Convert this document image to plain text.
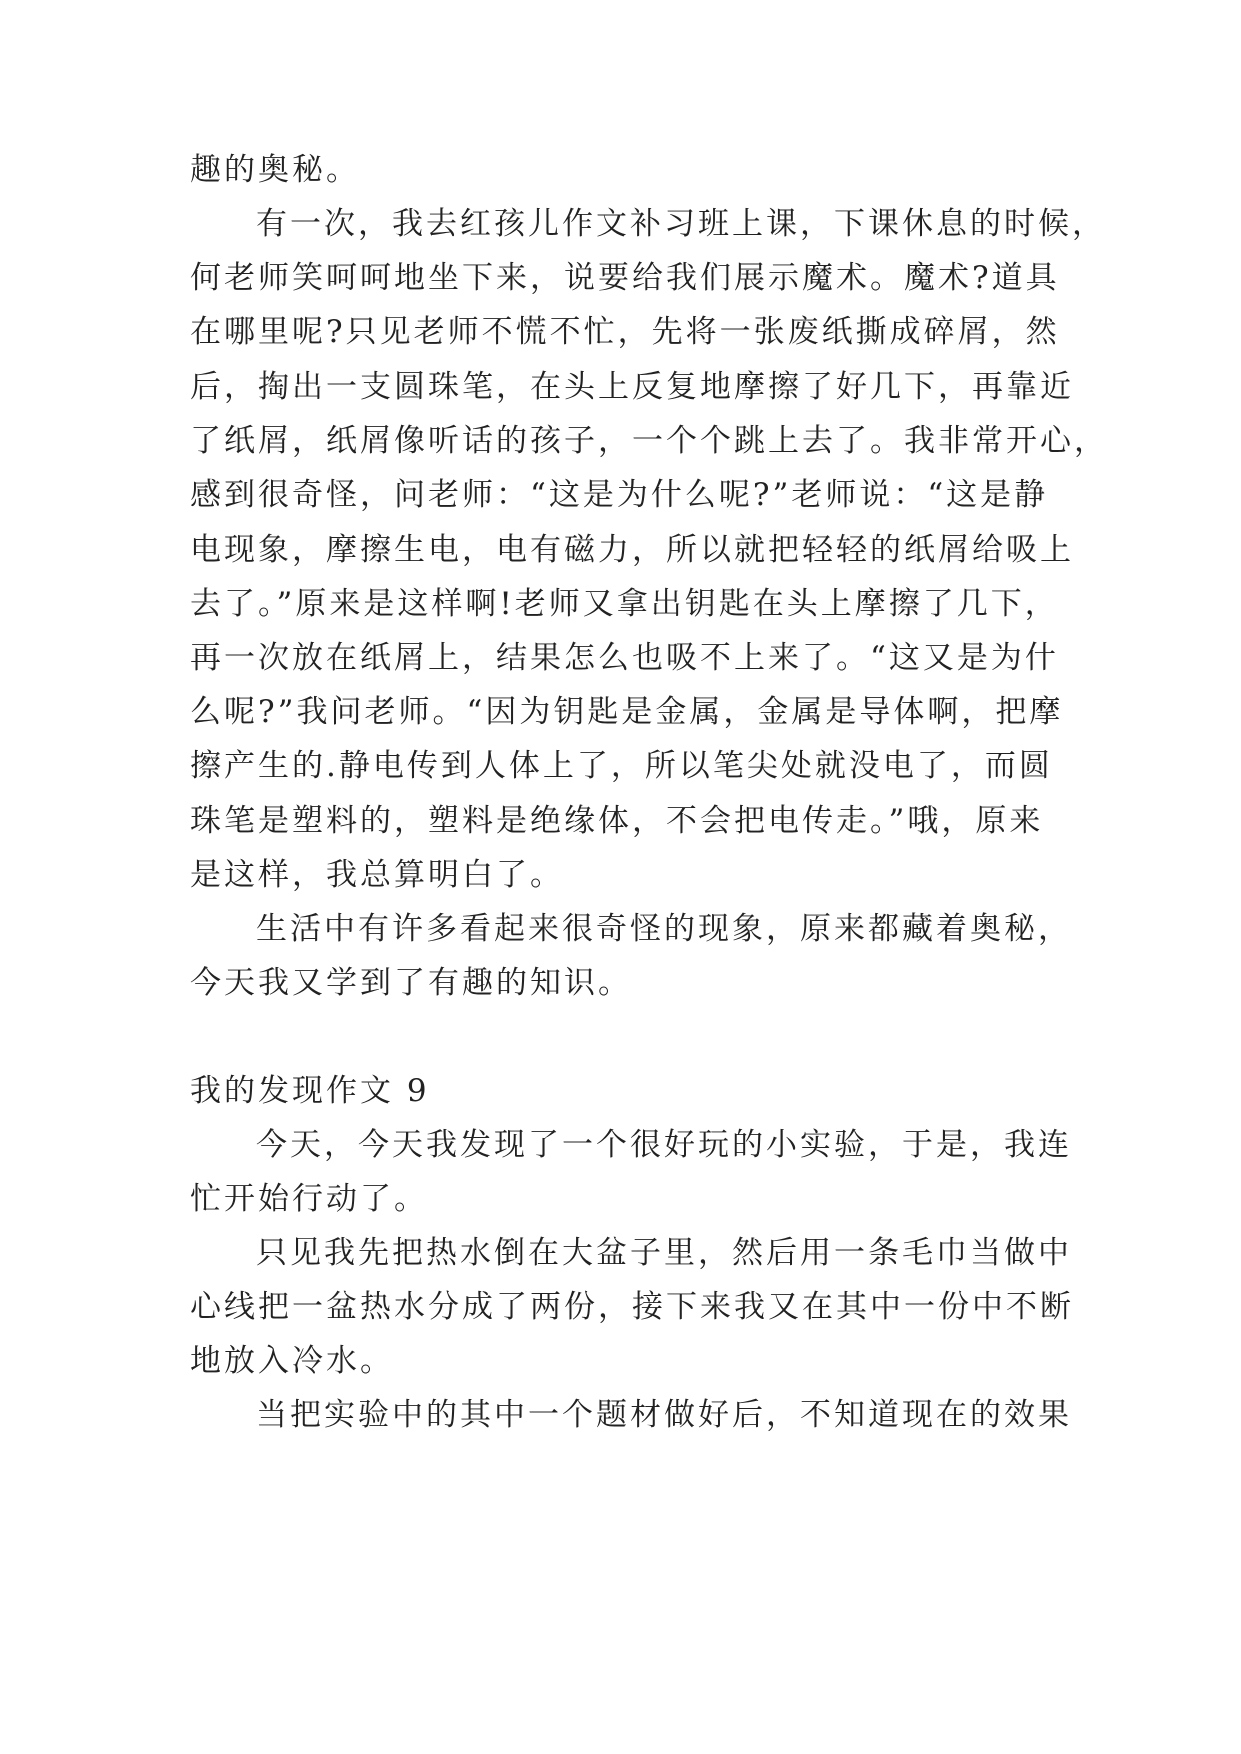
趣的奥秘。
有一次，我去红孩儿作文补习班上课，下课休息的时候，
何老师笑呵呵地坐下来，说要给我们展示魔术。魔术?道具
在哪里呢?只见老师不慌不忙，先将一张废纸撕成碎屑，然
后，掏出一支圆珠笔，在头上反复地摩擦了好几下，再靠近
了纸屑，纸屑像听话的孩子，一个个跳上去了。我非常开心，
感到很奇怪，问老师：“这是为什么呢?”老师说：“这是静
电现象，摩擦生电，电有磁力，所以就把轻轻的纸屑给吸上
去了。”原来是这样啊!老师又拿出钥匙在头上摩擦了几下，
再一次放在纸屑上，结果怎么也吸不上来了。“这又是为什
么呢?”我问老师。“因为钥匙是金属，金属是导体啊，把摩
擦产生的.静电传到人体上了，所以笔尖处就没电了，而圆
珠笔是塑料的，塑料是绝缘体，不会把电传走。”哦，原来
是这样，我总算明白了。
生活中有许多看起来很奇怪的现象，原来都藏着奥秘，
今天我又学到了有趣的知识。
我的发现作文 9
今天，今天我发现了一个很好玩的小实验，于是，我连
忙开始行动了。
只见我先把热水倒在大盆子里，然后用一条毛巾当做中
心线把一盆热水分成了两份，接下来我又在其中一份中不断
地放入冷水。
当把实验中的其中一个题材做好后，不知道现在的效果
